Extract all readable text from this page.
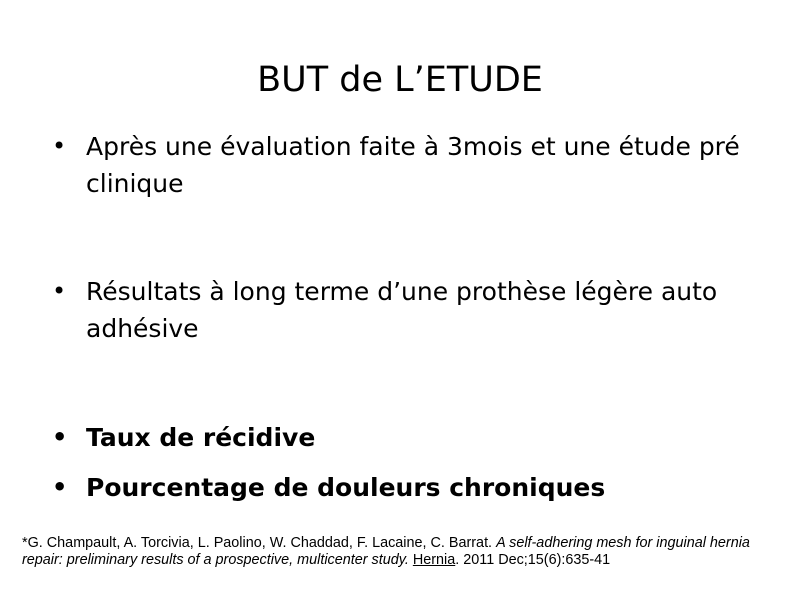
BUT de L’ETUDE
• Après une évaluation faite à 3mois et une étude pré clinique
• Résultats à long terme d’une prothèse légère auto adhésive
• Taux de récidive
• Pourcentage de douleurs chroniques
*G. Champault, A. Torcivia, L. Paolino, W. Chaddad, F. Lacaine, C. Barrat. A self-adhering mesh for inguinal hernia repair: preliminary results of a prospective, multicenter study. Hernia. 2011 Dec;15(6):635-41
